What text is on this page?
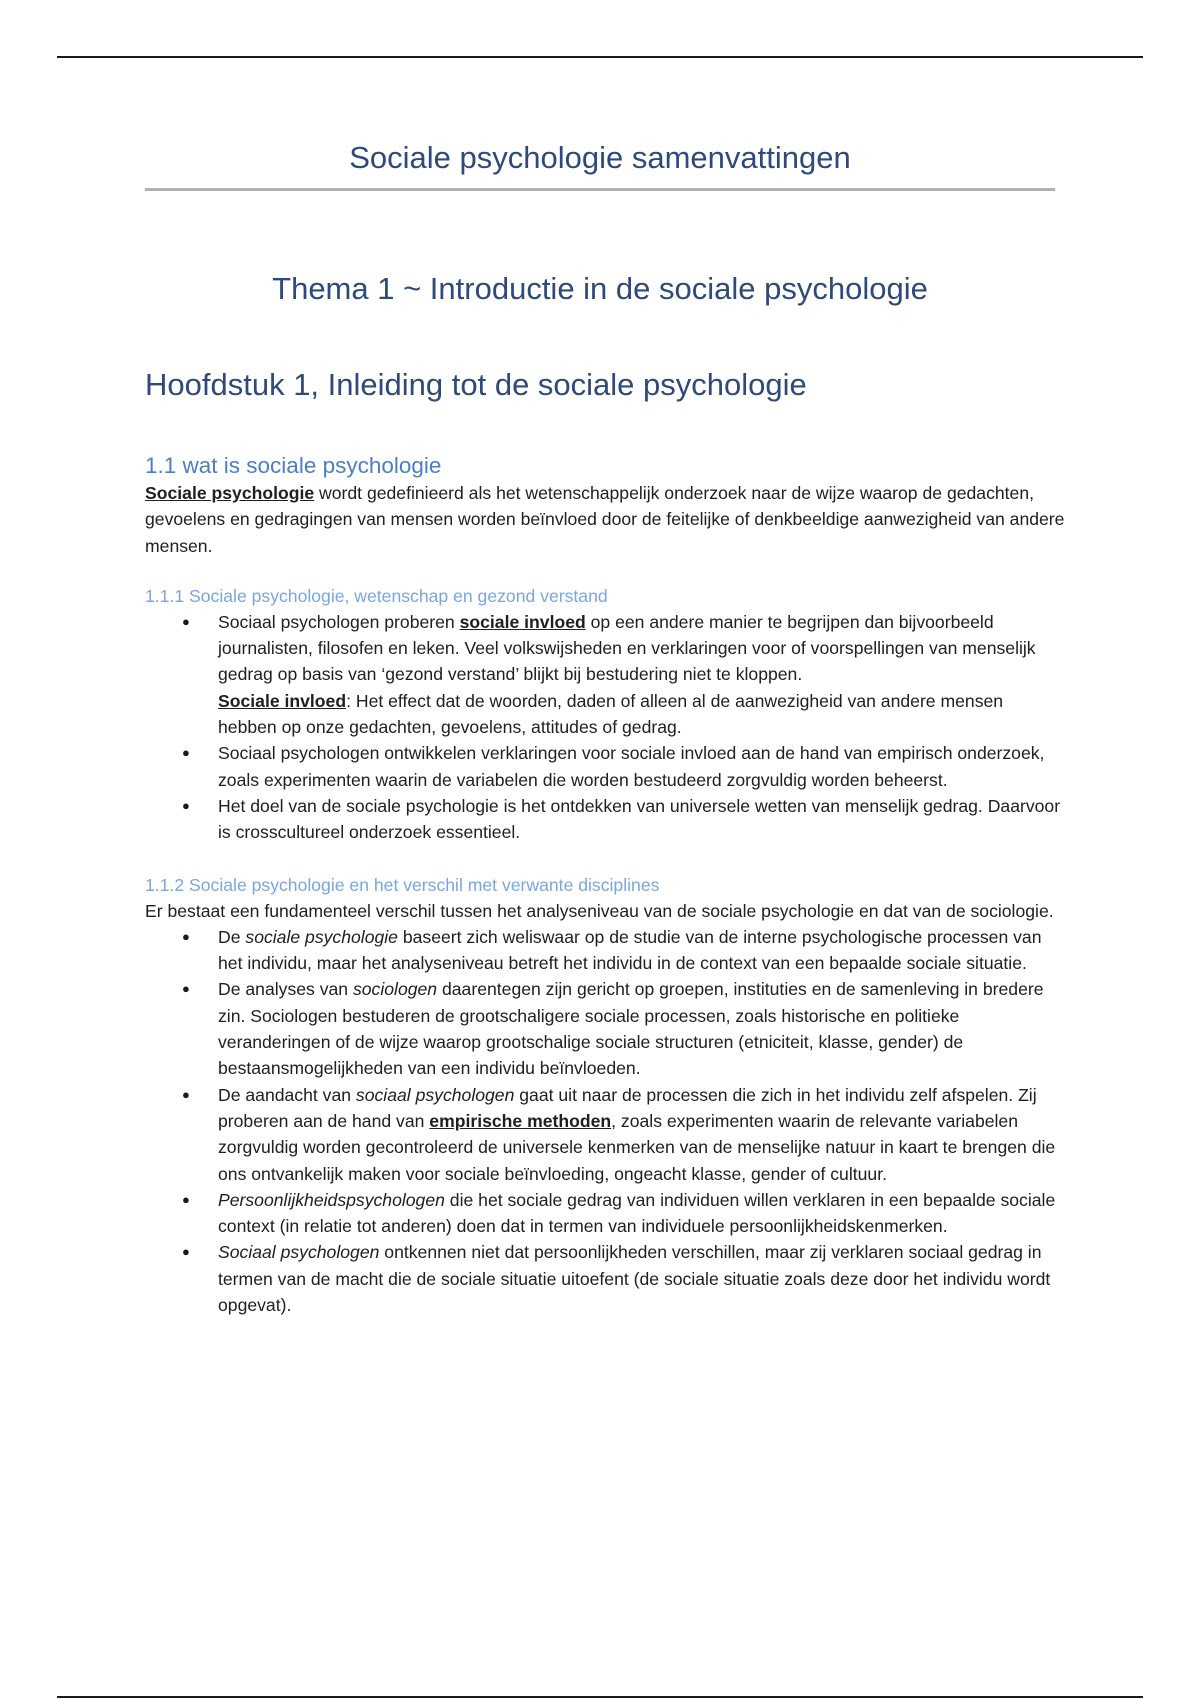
Sociale psychologie samenvattingen
Thema 1 ~ Introductie in de sociale psychologie
Hoofdstuk 1, Inleiding tot de sociale psychologie
1.1 wat is sociale psychologie

Sociale psychologie wordt gedefinieerd als het wetenschappelijk onderzoek naar de wijze waarop de gedachten, gevoelens en gedragingen van mensen worden beïnvloed door de feitelijke of denkbeeldige aanwezigheid van andere mensen.

1.1.1 Sociale psychologie, wetenschap en gezond verstand
● Sociaal psychologen proberen sociale invloed op een andere manier te begrijpen dan bijvoorbeeld journalisten, filosofen en leken. Veel volkswijsheden en verklaringen voor of voorspellingen van menselijk gedrag op basis van ‘gezond verstand’ blijkt bij bestudering niet te kloppen.
Sociale invloed: Het effect dat de woorden, daden of alleen al de aanwezigheid van andere mensen hebben op onze gedachten, gevoelens, attitudes of gedrag.
● Sociaal psychologen ontwikkelen verklaringen voor sociale invloed aan de hand van empirisch onderzoek, zoals experimenten waarin de variabelen die worden bestudeerd zorgvuldig worden beheerst.
● Het doel van de sociale psychologie is het ontdekken van universele wetten van menselijk gedrag. Daarvoor is crosscultureel onderzoek essentieel.
1.1.2 Sociale psychologie en het verschil met verwante disciplines

Er bestaat een fundamenteel verschil tussen het analyseniveau van de sociale psychologie en dat van de sociologie.

● De sociale psychologie baseert zich weliswaar op de studie van de interne psychologische processen van het individu, maar het analyseniveau betreft het individu in de context van een bepaalde sociale situatie.
● De analyses van sociologen daarentegen zijn gericht op groepen, instituties en de samenleving in bredere zin. Sociologen bestuderen de grootschaligere sociale processen, zoals historische en politieke veranderingen of de wijze waarop grootschalige sociale structuren (etniciteit, klasse, gender) de bestaansmogelijkheden van een individu beïnvloeden.
● De aandacht van sociaal psychologen gaat uit naar de processen die zich in het individu zelf afspelen. Zij proberen aan de hand van empirische methoden, zoals experimenten waarin de relevante variabelen zorgvuldig worden gecontroleerd de universele kenmerken van de menselijke natuur in kaart te brengen die ons ontvankelijk maken voor sociale beïnvloeding, ongeacht klasse, gender of cultuur.
● Persoonlijkheidspsychologen die het sociale gedrag van individuen willen verklaren in een bepaalde sociale context (in relatie tot anderen) doen dat in termen van individuele persoonlijkheidskenmerken.
● Sociaal psychologen ontkennen niet dat persoonlijkheden verschillen, maar zij verklaren sociaal gedrag in termen van de macht die de sociale situatie uitoefent (de sociale situatie zoals deze door het individu wordt opgevat).
